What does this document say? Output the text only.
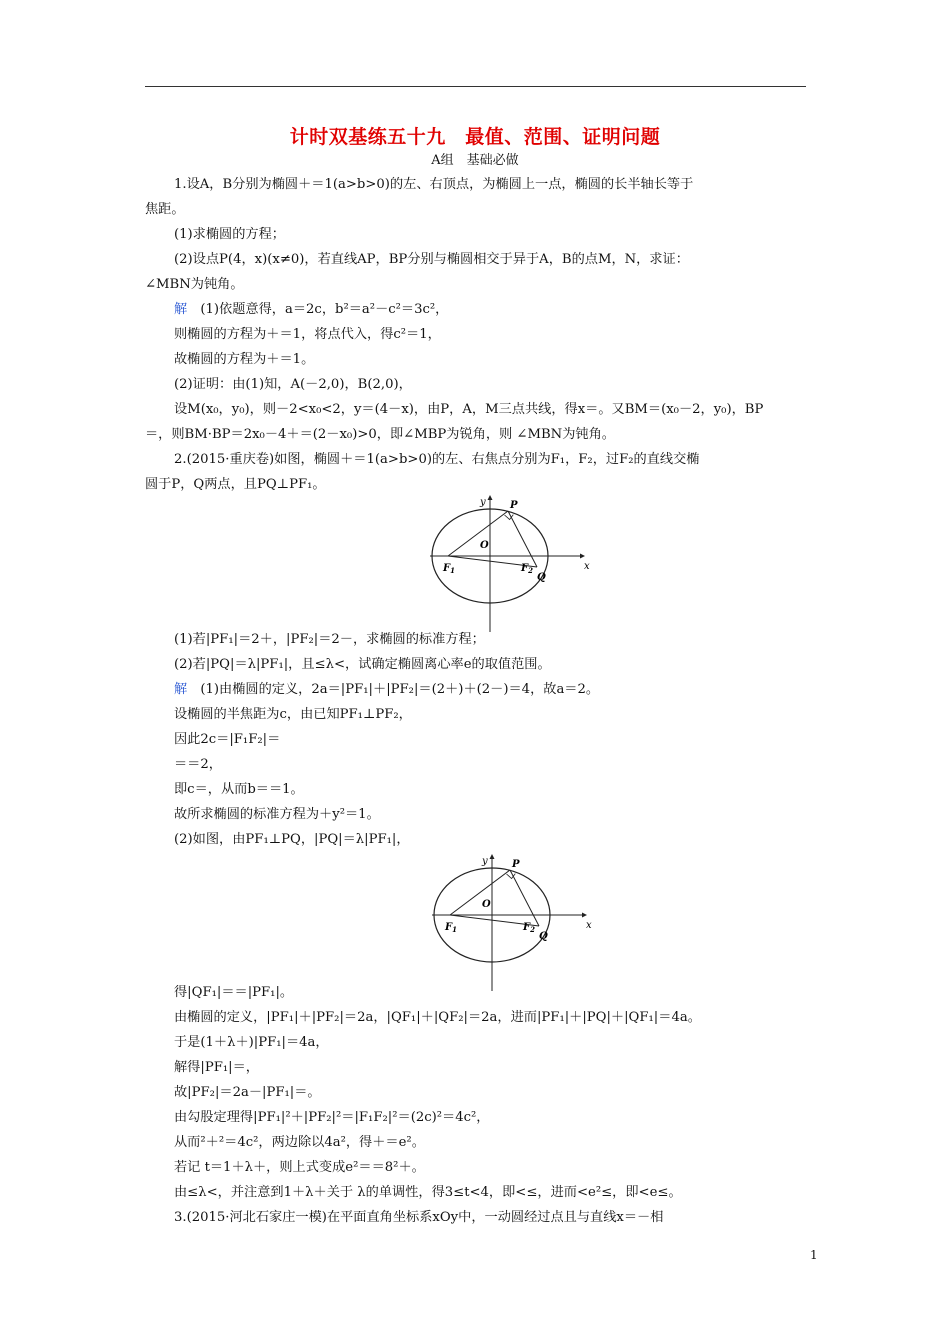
计时双基练五十九　最值、范围、证明问题
A组　基础必做

1.设A，B分别为椭圆＋＝1(a>b>0)的左、右顶点，为椭圆上一点，椭圆的长半轴长等于

焦距。

(1)求椭圆的方程；

(2)设点P(4，x)(x≠0)，若直线AP，BP分别与椭圆相交于异于A，B的点M，N，求证：

∠MBN为钝角。

解　(1)依题意得，a＝2c，b²＝a²－c²＝3c²，

则椭圆的方程为＋＝1，将点代入，得c²＝1，

故椭圆的方程为＋＝1。

(2)证明：由(1)知，A(－2,0)，B(2,0)，

设M(x₀，y₀)，则－2<x₀<2，y＝(4－x)，由P，A，M三点共线，得x＝。又BM＝(x₀－2，y₀)，BP

＝，则BM·BP＝2x₀－4＋＝(2－x₀)>0，即∠MBP为锐角，则 ∠MBN为钝角。

2.(2015·重庆卷)如图，椭圆＋＝1(a>b>0)的左、右焦点分别为F₁，F₂，过F₂的直线交椭

圆于P，Q两点，且PQ⊥PF₁。

y
x
O
P
Q
$F_1$	$F_2$

(1)若|PF₁|＝2＋，|PF₂|＝2－，求椭圆的标准方程；

(2)若|PQ|＝λ|PF₁|，且≤λ<，试确定椭圆离心率e的取值范围。

解　(1)由椭圆的定义，2a＝|PF₁|＋|PF₂|＝(2＋)＋(2－)＝4，故a＝2。

设椭圆的半焦距为c，由已知PF₁⊥PF₂，

因此2c＝|F₁F₂|＝

＝＝2，

即c＝，从而b＝＝1。

故所求椭圆的标准方程为＋y²＝1。

(2)如图，由PF₁⊥PQ，|PQ|＝λ|PF₁|，

y
x
O
P
Q
$F_1$	$F_2$

得|QF₁|＝＝|PF₁|。

由椭圆的定义，|PF₁|＋|PF₂|＝2a，|QF₁|＋|QF₂|＝2a，进而|PF₁|＋|PQ|＋|QF₁|＝4a。

于是(1＋λ＋)|PF₁|＝4a，

解得|PF₁|＝，

故|PF₂|＝2a－|PF₁|＝。

由勾股定理得|PF₁|²＋|PF₂|²＝|F₁F₂|²＝(2c)²＝4c²，

从而²＋²＝4c²，两边除以4a²，得＋＝e²。

若记 t＝1＋λ＋，则上式变成e²＝＝8²＋。

由≤λ<，并注意到1＋λ＋关于 λ的单调性，得3≤t<4，即<≤，进而<e²≤，即<e≤。

3.(2015·河北石家庄一模)在平面直角坐标系xOy中，一动圆经过点且与直线x＝－相

1
